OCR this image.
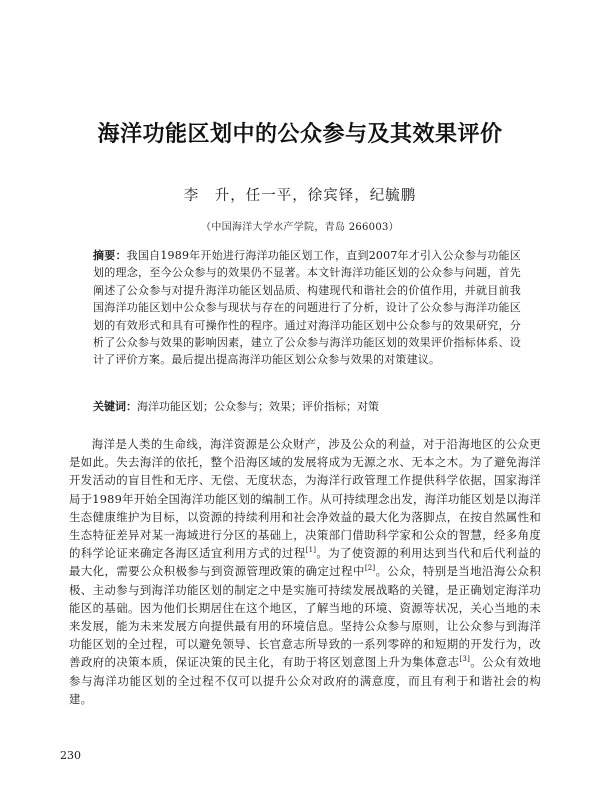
海洋功能区划中的公众参与及其效果评价
李　升，任一平，徐宾铎，纪毓鹏
（中国海洋大学水产学院，青岛 266003）
摘要：我国自1989年开始进行海洋功能区划工作，直到2007年才引入公众参与功能区划的理念，至今公众参与的效果仍不显著。本文针海洋功能区划的公众参与问题，首先阐述了公众参与对提升海洋功能区划品质、构建现代和谐社会的价值作用，并就目前我国海洋功能区划中公众参与现状与存在的问题进行了分析，设计了公众参与海洋功能区划的有效形式和具有可操作性的程序。通过对海洋功能区划中公众参与的效果研究，分析了公众参与效果的影响因素，建立了公众参与海洋功能区划的效果评价指标体系、设计了评价方案。最后提出提高海洋功能区划公众参与效果的对策建议。
关键词：海洋功能区划；公众参与；效果；评价指标；对策
海洋是人类的生命线，海洋资源是公众财产，涉及公众的利益，对于沿海地区的公众更是如此。失去海洋的依托，整个沿海区域的发展将成为无源之水、无本之木。为了避免海洋开发活动的盲目性和无序、无偿、无度状态，为海洋行政管理工作提供科学依据，国家海洋局于1989年开始全国海洋功能区划的编制工作。从可持续理念出发，海洋功能区划是以海洋生态健康维护为目标，以资源的持续利用和社会净效益的最大化为落脚点，在按自然属性和生态特征差异对某一海域进行分区的基础上，决策部门借助科学家和公众的智慧，经多角度的科学论证来确定各海区适宜利用方式的过程[1]。为了使资源的利用达到当代和后代利益的最大化，需要公众积极参与到资源管理政策的确定过程中[2]。公众，特别是当地沿海公众积极、主动参与到海洋功能区划的制定之中是实施可持续发展战略的关键，是正确划定海洋功能区的基础。因为他们长期居住在这个地区，了解当地的环境、资源等状况，关心当地的未来发展，能为未来发展方向提供最有用的环境信息。坚持公众参与原则，让公众参与到海洋功能区划的全过程，可以避免领导、长官意志所导致的一系列零碎的和短期的开发行为，改善政府的决策本质，保证决策的民主化，有助于将区划意图上升为集体意志[3]。公众有效地参与海洋功能区划的全过程不仅可以提升公众对政府的满意度，而且有利于和谐社会的构建。
230
